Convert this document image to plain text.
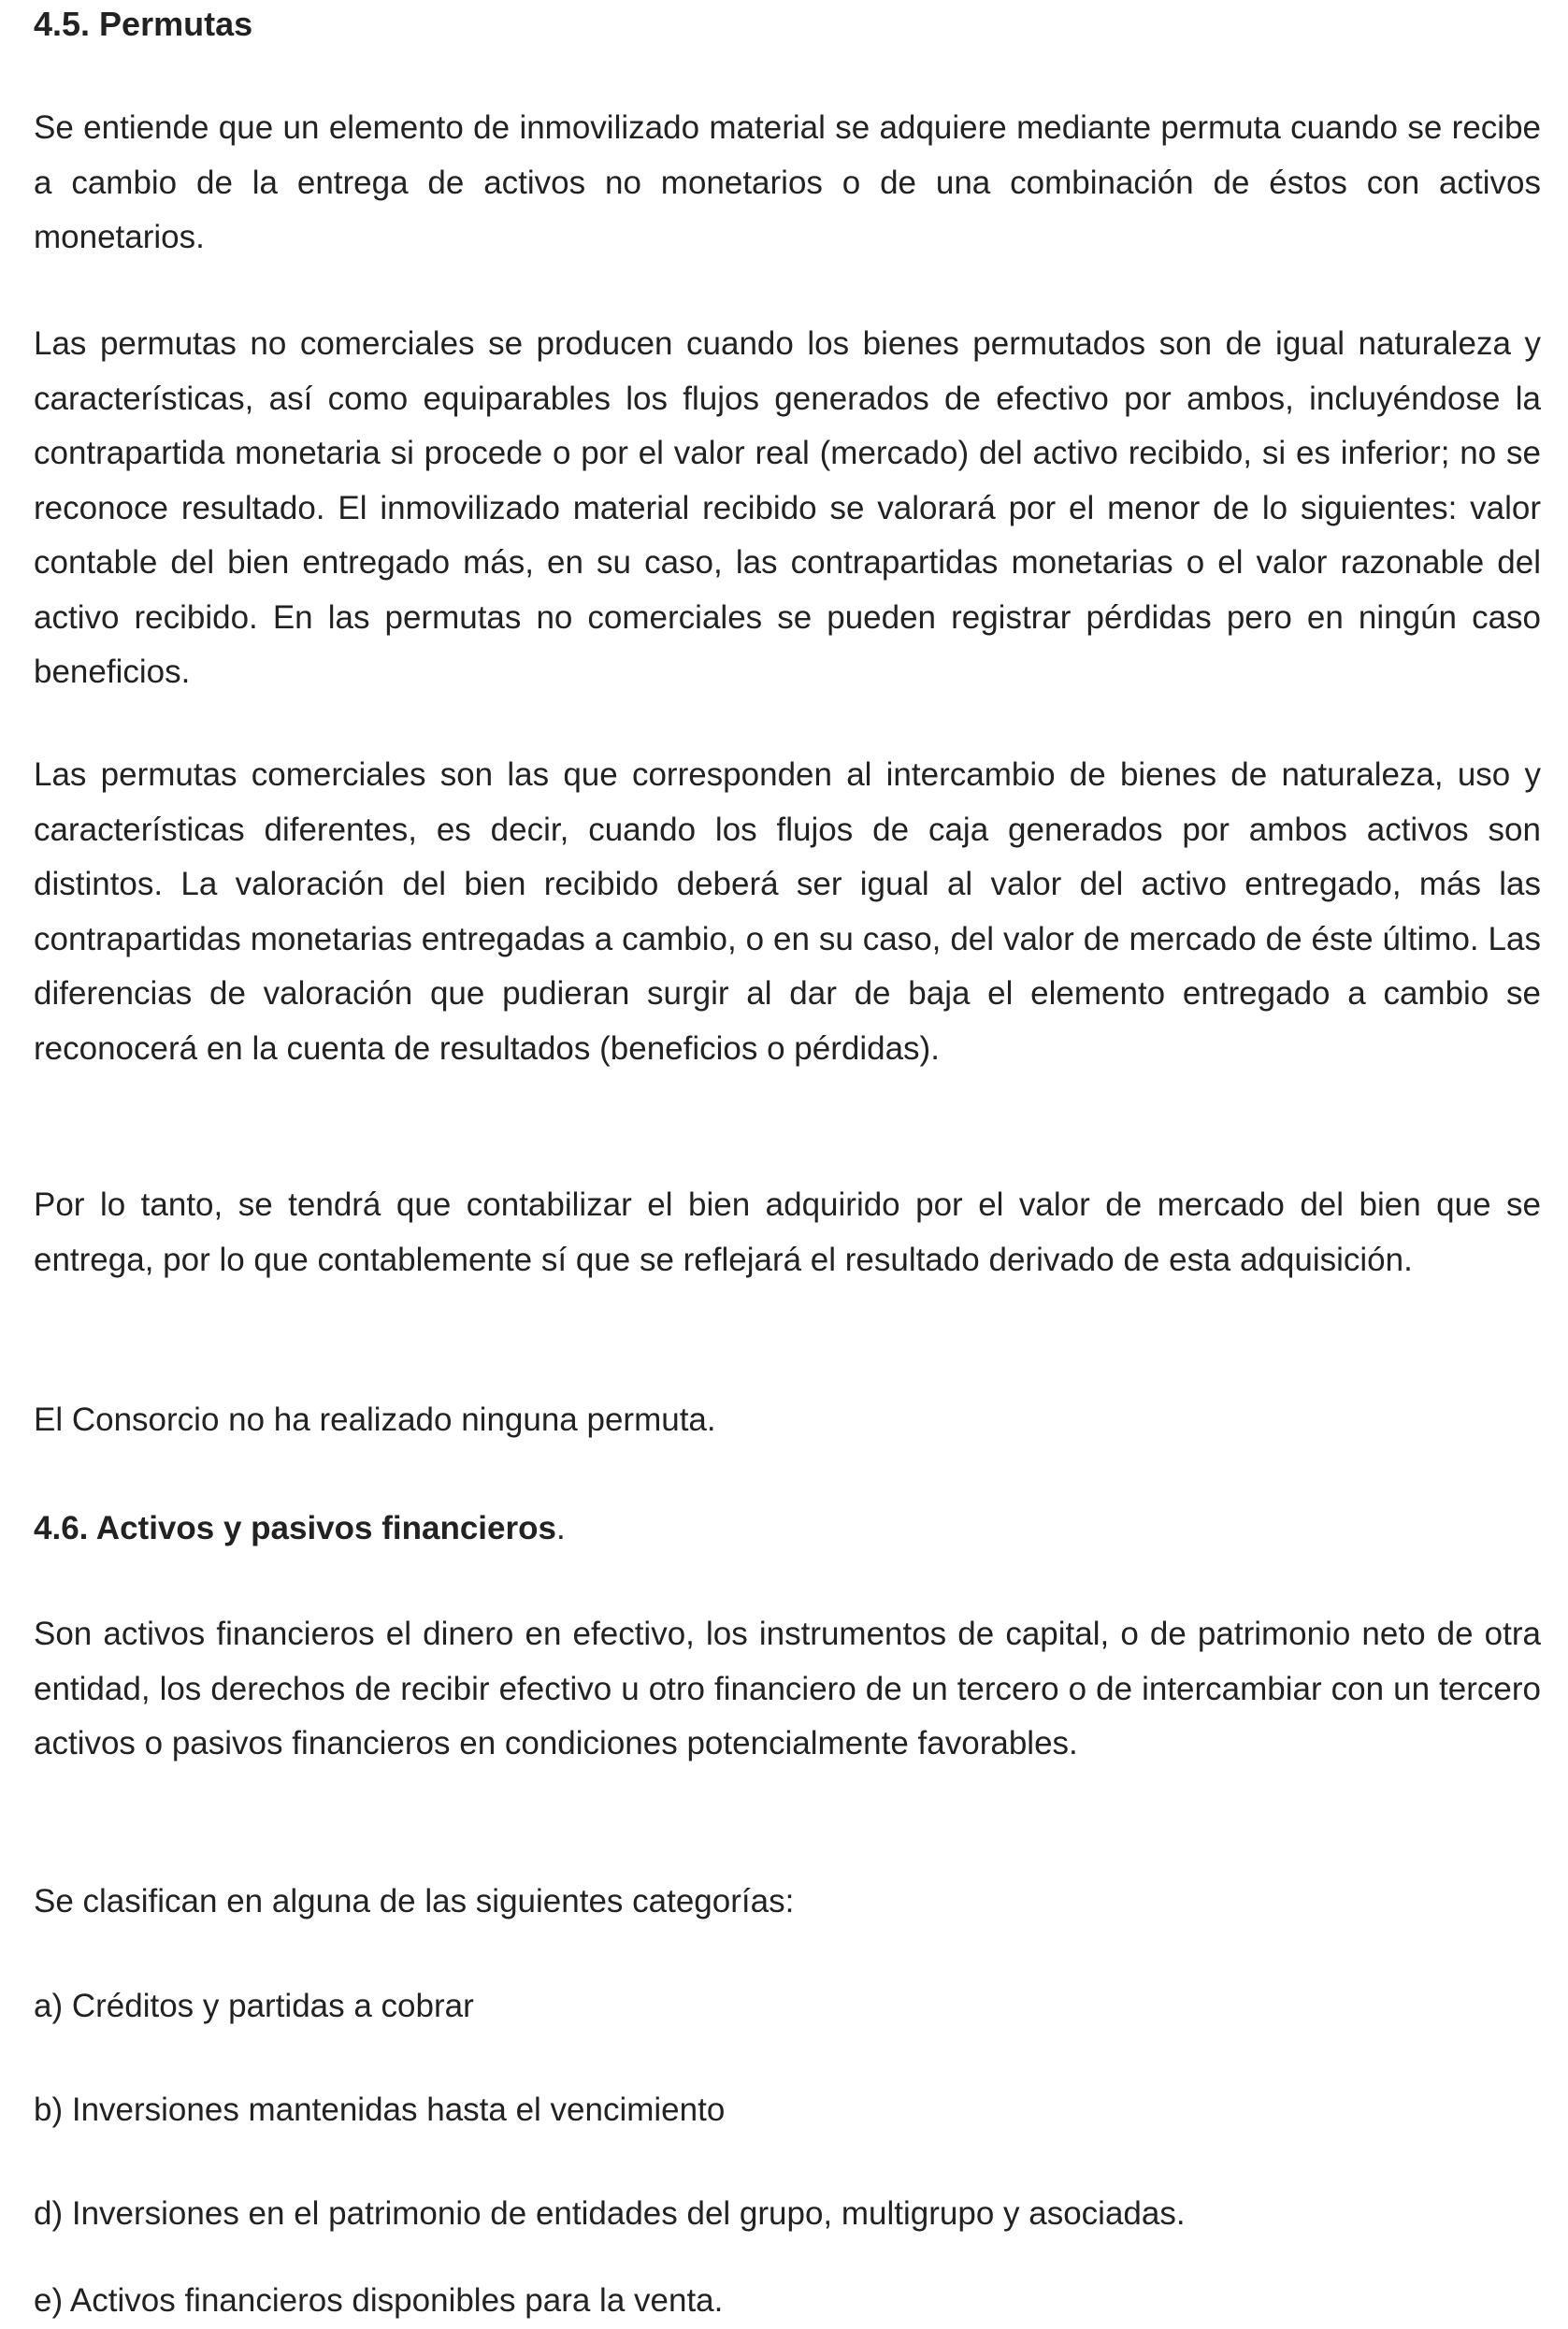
4.5. Permutas

Se entiende que un elemento de inmovilizado material se adquiere mediante permuta cuando se recibe a cambio de la entrega de activos no monetarios o de una combinación de éstos con activos monetarios.

Las permutas no comerciales se producen cuando los bienes permutados son de igual naturaleza y características, así como equiparables los flujos generados de efectivo por ambos, incluyéndose la contrapartida monetaria si procede o por el valor real (mercado) del activo recibido, si es inferior; no se reconoce resultado. El inmovilizado material recibido se valorará por el menor de lo siguientes: valor contable del bien entregado más, en su caso, las contrapartidas monetarias o el valor razonable del activo recibido. En las permutas no comerciales se pueden registrar pérdidas pero en ningún caso beneficios.

Las permutas comerciales son las que corresponden al intercambio de bienes de naturaleza, uso y características diferentes, es decir, cuando los flujos de caja generados por ambos activos son distintos. La valoración del bien recibido deberá ser igual al valor del activo entregado, más las contrapartidas monetarias entregadas a cambio, o en su caso, del valor de mercado de éste último. Las diferencias de valoración que pudieran surgir al dar de baja el elemento entregado a cambio se reconocerá en la cuenta de resultados (beneficios o pérdidas).

Por lo tanto, se tendrá que contabilizar el bien adquirido por el valor de mercado del bien que se entrega, por lo que contablemente sí que se reflejará el resultado derivado de esta adquisición.

El Consorcio no ha realizado ninguna permuta.

4.6. Activos y pasivos financieros.

Son activos financieros el dinero en efectivo, los instrumentos de capital, o de patrimonio neto de otra entidad, los derechos de recibir efectivo u otro financiero de un tercero o de intercambiar con un tercero activos o pasivos financieros en condiciones potencialmente favorables.

Se clasifican en alguna de las siguientes categorías:

a) Créditos y partidas a cobrar

b) Inversiones mantenidas hasta el vencimiento

d) Inversiones en el patrimonio de entidades del grupo, multigrupo y asociadas.

e) Activos financieros disponibles para la venta.
